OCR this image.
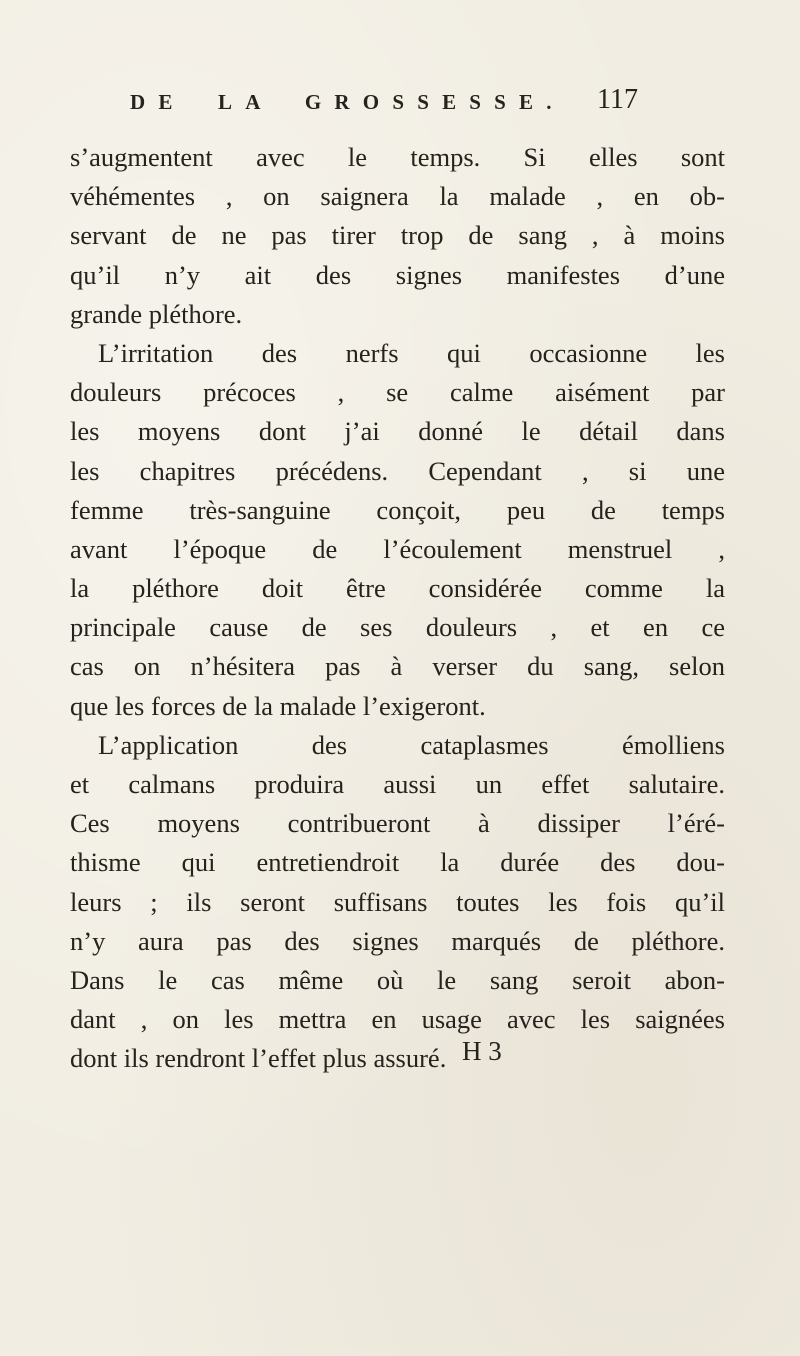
DE LA GROSSESSE. 117
s’augmentent avec le temps. Si elles sont
véhémentes , on saignera la malade , en ob-
servant de ne pas tirer trop de sang , à moins
qu’il n’y ait des signes manifestes d’une
grande pléthore.
L’irritation des nerfs qui occasionne les
douleurs précoces , se calme aisément par
les moyens dont j’ai donné le détail dans
les chapitres précédens. Cependant , si une
femme très-sanguine conçoit, peu de temps
avant l’époque de l’écoulement menstruel ,
la pléthore doit être considérée comme la
principale cause de ses douleurs , et en ce
cas on n’hésitera pas à verser du sang, selon
que les forces de la malade l’exigeront.
L’application des cataplasmes émolliens
et calmans produira aussi un effet salutaire.
Ces moyens contribueront à dissiper l’éré-
thisme qui entretiendroit la durée des dou-
leurs ; ils seront suffisans toutes les fois qu’il
n’y aura pas des signes marqués de pléthore.
Dans le cas même où le sang seroit abon-
dant , on les mettra en usage avec les saignées
dont ils rendront l’effet plus assuré. H 3
